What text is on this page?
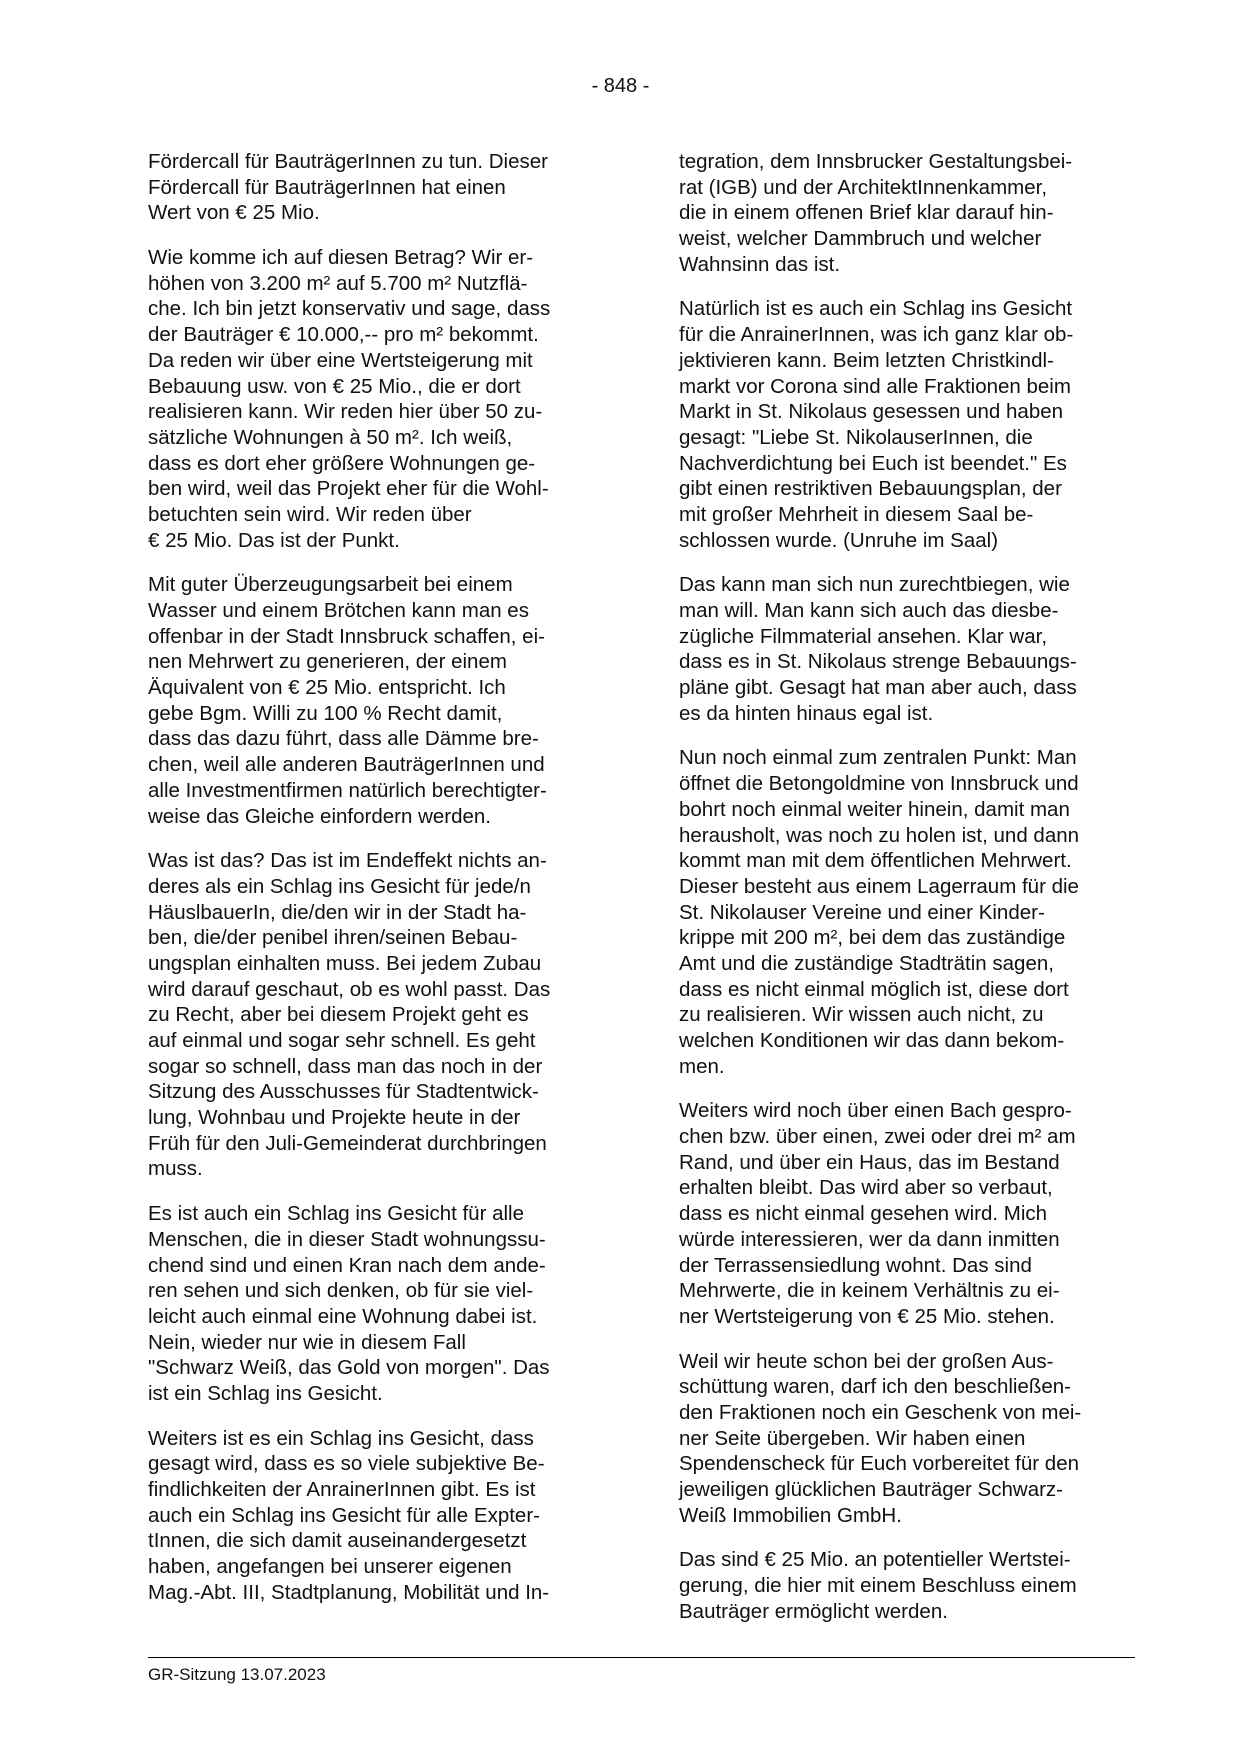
- 848 -
Fördercall für BauträgerInnen zu tun. Dieser
Fördercall für BauträgerInnen hat einen
Wert von € 25 Mio.
Wie komme ich auf diesen Betrag? Wir er-
höhen von 3.200 m² auf 5.700 m² Nutzflä-
che. Ich bin jetzt konservativ und sage, dass
der Bauträger € 10.000,-- pro m² bekommt.
Da reden wir über eine Wertsteigerung mit
Bebauung usw. von € 25 Mio., die er dort
realisieren kann. Wir reden hier über 50 zu-
sätzliche Wohnungen à 50 m². Ich weiß,
dass es dort eher größere Wohnungen ge-
ben wird, weil das Projekt eher für die Wohl-
betuchten sein wird. Wir reden über
€ 25 Mio. Das ist der Punkt.
Mit guter Überzeugungsarbeit bei einem
Wasser und einem Brötchen kann man es
offenbar in der Stadt Innsbruck schaffen, ei-
nen Mehrwert zu generieren, der einem
Äquivalent von € 25 Mio. entspricht. Ich
gebe Bgm. Willi zu 100 % Recht damit,
dass das dazu führt, dass alle Dämme bre-
chen, weil alle anderen BauträgerInnen und
alle Investmentfirmen natürlich berechtigter-
weise das Gleiche einfordern werden.
Was ist das? Das ist im Endeffekt nichts an-
deres als ein Schlag ins Gesicht für jede/n
HäuslbauerIn, die/den wir in der Stadt ha-
ben, die/der penibel ihren/seinen Bebau-
ungsplan einhalten muss. Bei jedem Zubau
wird darauf geschaut, ob es wohl passt. Das
zu Recht, aber bei diesem Projekt geht es
auf einmal und sogar sehr schnell. Es geht
sogar so schnell, dass man das noch in der
Sitzung des Ausschusses für Stadtentwick-
lung, Wohnbau und Projekte heute in der
Früh für den Juli-Gemeinderat durchbringen
muss.
Es ist auch ein Schlag ins Gesicht für alle
Menschen, die in dieser Stadt wohnungssu-
chend sind und einen Kran nach dem ande-
ren sehen und sich denken, ob für sie viel-
leicht auch einmal eine Wohnung dabei ist.
Nein, wieder nur wie in diesem Fall
"Schwarz Weiß, das Gold von morgen". Das
ist ein Schlag ins Gesicht.
Weiters ist es ein Schlag ins Gesicht, dass
gesagt wird, dass es so viele subjektive Be-
findlichkeiten der AnrainerInnen gibt. Es ist
auch ein Schlag ins Gesicht für alle Expter-
tInnen, die sich damit auseinandergesetzt
haben, angefangen bei unserer eigenen
Mag.-Abt. III, Stadtplanung, Mobilität und In-
tegration, dem Innsbrucker Gestaltungsbei-
rat (IGB) und der ArchitektInnenkammer,
die in einem offenen Brief klar darauf hin-
weist, welcher Dammbruch und welcher
Wahnsinn das ist.
Natürlich ist es auch ein Schlag ins Gesicht
für die AnrainerInnen, was ich ganz klar ob-
jektivieren kann. Beim letzten Christkindl-
markt vor Corona sind alle Fraktionen beim
Markt in St. Nikolaus gesessen und haben
gesagt: "Liebe St. NikolauserInnen, die
Nachverdichtung bei Euch ist beendet." Es
gibt einen restriktiven Bebauungsplan, der
mit großer Mehrheit in diesem Saal be-
schlossen wurde. (Unruhe im Saal)
Das kann man sich nun zurechtbiegen, wie
man will. Man kann sich auch das diesbe-
zügliche Filmmaterial ansehen. Klar war,
dass es in St. Nikolaus strenge Bebauungs-
pläne gibt. Gesagt hat man aber auch, dass
es da hinten hinaus egal ist.
Nun noch einmal zum zentralen Punkt: Man
öffnet die Betongoldmine von Innsbruck und
bohrt noch einmal weiter hinein, damit man
herausholt, was noch zu holen ist, und dann
kommt man mit dem öffentlichen Mehrwert.
Dieser besteht aus einem Lagerraum für die
St. Nikolauser Vereine und einer Kinder-
krippe mit 200 m², bei dem das zuständige
Amt und die zuständige Stadträtin sagen,
dass es nicht einmal möglich ist, diese dort
zu realisieren. Wir wissen auch nicht, zu
welchen Konditionen wir das dann bekom-
men.
Weiters wird noch über einen Bach gespro-
chen bzw. über einen, zwei oder drei m² am
Rand, und über ein Haus, das im Bestand
erhalten bleibt. Das wird aber so verbaut,
dass es nicht einmal gesehen wird. Mich
würde interessieren, wer da dann inmitten
der Terrassensiedlung wohnt. Das sind
Mehrwerte, die in keinem Verhältnis zu ei-
ner Wertsteigerung von € 25 Mio. stehen.
Weil wir heute schon bei der großen Aus-
schüttung waren, darf ich den beschließen-
den Fraktionen noch ein Geschenk von mei-
ner Seite übergeben. Wir haben einen
Spendenscheck für Euch vorbereitet für den
jeweiligen glücklichen Bauträger Schwarz-
Weiß Immobilien GmbH.
Das sind € 25 Mio. an potentieller Wertstei-
gerung, die hier mit einem Beschluss einem
Bauträger ermöglicht werden.
GR-Sitzung 13.07.2023
